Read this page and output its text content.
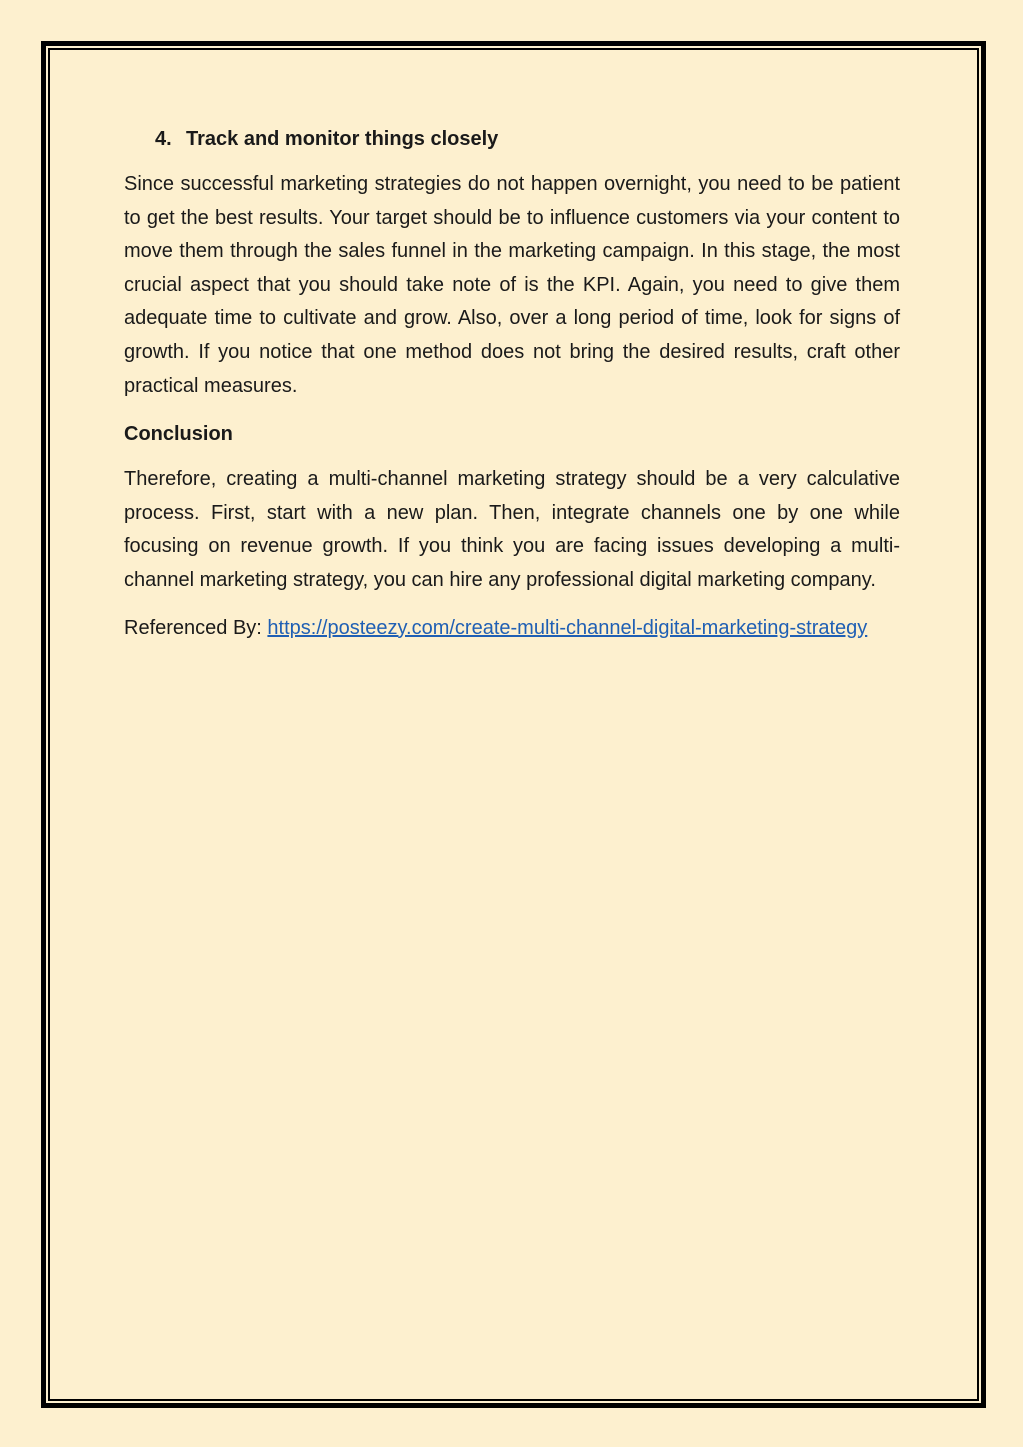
4. Track and monitor things closely

Since successful marketing strategies do not happen overnight, you need to be patient to get the best results. Your target should be to influence customers via your content to move them through the sales funnel in the marketing campaign. In this stage, the most crucial aspect that you should take note of is the KPI. Again, you need to give them adequate time to cultivate and grow. Also, over a long period of time, look for signs of growth. If you notice that one method does not bring the desired results, craft other practical measures.

Conclusion

Therefore, creating a multi-channel marketing strategy should be a very calculative process. First, start with a new plan. Then, integrate channels one by one while focusing on revenue growth. If you think you are facing issues developing a multi-channel marketing strategy, you can hire any professional digital marketing company.

Referenced By: https://posteezy.com/create-multi-channel-digital-marketing-strategy
